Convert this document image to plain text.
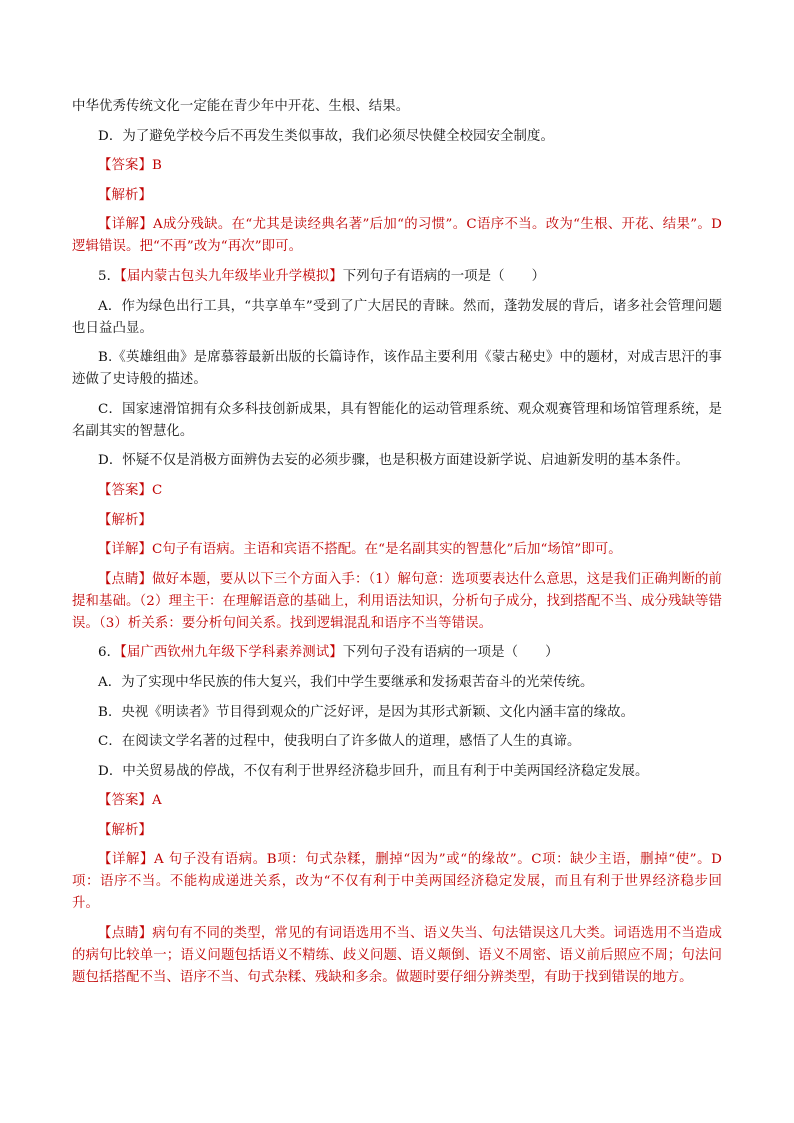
中华优秀传统文化一定能在青少年中开花、生根、结果。

D．为了避免学校今后不再发生类似事故，我们必须尽快健全校园安全制度。

【答案】B

【解析】

【详解】A成分残缺。在“尤其是读经典名著”后加“的习惯”。C语序不当。改为“生根、开花、结果”。D逻辑错误。把“不再”改为“再次”即可。

5．【届内蒙古包头九年级毕业升学模拟】下列句子有语病的一项是（　　）

A．作为绿色出行工具，“共享单车”受到了广大居民的青睐。然而，蓬勃发展的背后，诸多社会管理问题也日益凸显。

B.《英雄组曲》是席慕蓉最新出版的长篇诗作，该作品主要利用《蒙古秘史》中的题材，对成吉思汗的事迹做了史诗般的描述。

C．国家速滑馆拥有众多科技创新成果，具有智能化的运动管理系统、观众观赛管理和场馆管理系统，是名副其实的智慧化。

D．怀疑不仅是消极方面辨伪去妄的必须步骤，也是积极方面建设新学说、启迪新发明的基本条件。

【答案】C

【解析】

【详解】C句子有语病。主语和宾语不搭配。在“是名副其实的智慧化”后加“场馆”即可。

【点睛】做好本题，要从以下三个方面入手：（1）解句意：选项要表达什么意思，这是我们正确判断的前提和基础。（2）理主干：在理解语意的基础上，利用语法知识，分析句子成分，找到搭配不当、成分残缺等错误。（3）析关系：要分析句间关系。找到逻辑混乱和语序不当等错误。

6．【届广西钦州九年级下学科素养测试】下列句子没有语病的一项是（　　）

A．为了实现中华民族的伟大复兴，我们中学生要继承和发扬艰苦奋斗的光荣传统。

B．央视《明读者》节目得到观众的广泛好评，是因为其形式新颖、文化内涵丰富的缘故。

C．在阅读文学名著的过程中，使我明白了许多做人的道理，感悟了人生的真谛。

D．中关贸易战的停战，不仅有利于世界经济稳步回升，而且有利于中美两国经济稳定发展。

【答案】A

【解析】

【详解】A 句子没有语病。B项：句式杂糅，删掉“因为”或“的缘故”。C项：缺少主语，删掉“使”。D项：语序不当。不能构成递进关系，改为“不仅有利于中美两国经济稳定发展，而且有利于世界经济稳步回升。

【点睛】病句有不同的类型，常见的有词语选用不当、语义失当、句法错误这几大类。词语选用不当造成的病句比较单一；语义问题包括语义不精练、歧义问题、语义颠倒、语义不周密、语义前后照应不周；句法问题包括搭配不当、语序不当、句式杂糅、残缺和多余。做题时要仔细分辨类型，有助于找到错误的地方。
